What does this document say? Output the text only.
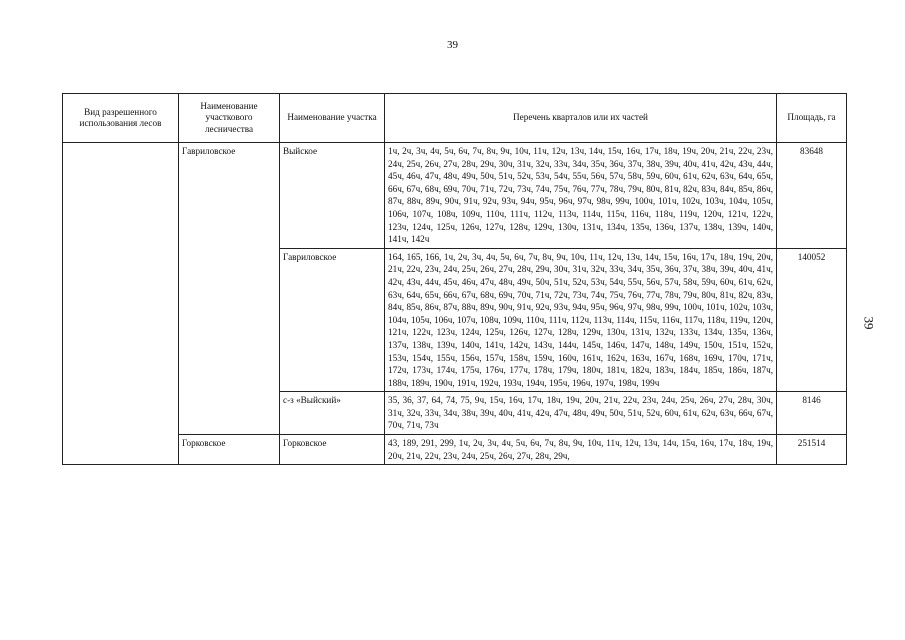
39
39
Вид разрешенного использования лесов	Наименование участкового лесничества	Наименование участка	Перечень кварталов или их частей	Площадь, га
	Гавриловское	Выйское	1ч, 2ч, 3ч, 4ч, 5ч, 6ч, 7ч, 8ч, 9ч, 10ч, 11ч, 12ч, 13ч, 14ч, 15ч, 16ч, 17ч, 18ч, 19ч, 20ч, 21ч, 22ч, 23ч, 24ч, 25ч, 26ч, 27ч, 28ч, 29ч, 30ч, 31ч, 32ч, 33ч, 34ч, 35ч, 36ч, 37ч, 38ч, 39ч, 40ч, 41ч, 42ч, 43ч, 44ч, 45ч, 46ч, 47ч, 48ч, 49ч, 50ч, 51ч, 52ч, 53ч, 54ч, 55ч, 56ч, 57ч, 58ч, 59ч, 60ч, 61ч, 62ч, 63ч, 64ч, 65ч, 66ч, 67ч, 68ч, 69ч, 70ч, 71ч, 72ч, 73ч, 74ч, 75ч, 76ч, 77ч, 78ч, 79ч, 80ч, 81ч, 82ч, 83ч, 84ч, 85ч, 86ч, 87ч, 88ч, 89ч, 90ч, 91ч, 92ч, 93ч, 94ч, 95ч, 96ч, 97ч, 98ч, 99ч, 100ч, 101ч, 102ч, 103ч, 104ч, 105ч, 106ч, 107ч, 108ч, 109ч, 110ч, 111ч, 112ч, 113ч, 114ч, 115ч, 116ч, 118ч, 119ч, 120ч, 121ч, 122ч, 123ч, 124ч, 125ч, 126ч, 127ч, 128ч, 129ч, 130ч, 131ч, 134ч, 135ч, 136ч, 137ч, 138ч, 139ч, 140ч, 141ч, 142ч	83648
		Гавриловское	164, 165, 166, 1ч, 2ч, 3ч, 4ч, 5ч, 6ч, 7ч, 8ч, 9ч, 10ч, 11ч, 12ч, 13ч, 14ч, 15ч, 16ч, 17ч, 18ч, 19ч, 20ч, 21ч, 22ч, 23ч, 24ч, 25ч, 26ч, 27ч, 28ч, 29ч, 30ч, 31ч, 32ч, 33ч, 34ч, 35ч, 36ч, 37ч, 38ч, 39ч, 40ч, 41ч, 42ч, 43ч, 44ч, 45ч, 46ч, 47ч, 48ч, 49ч, 50ч, 51ч, 52ч, 53ч, 54ч, 55ч, 56ч, 57ч, 58ч, 59ч, 60ч, 61ч, 62ч, 63ч, 64ч, 65ч, 66ч, 67ч, 68ч, 69ч, 70ч, 71ч, 72ч, 73ч, 74ч, 75ч, 76ч, 77ч, 78ч, 79ч, 80ч, 81ч, 82ч, 83ч, 84ч, 85ч, 86ч, 87ч, 88ч, 89ч, 90ч, 91ч, 92ч, 93ч, 94ч, 95ч, 96ч, 97ч, 98ч, 99ч, 100ч, 101ч, 102ч, 103ч, 104ч, 105ч, 106ч, 107ч, 108ч, 109ч, 110ч, 111ч, 112ч, 113ч, 114ч, 115ч, 116ч, 117ч, 118ч, 119ч, 120ч, 121ч, 122ч, 123ч, 124ч, 125ч, 126ч, 127ч, 128ч, 129ч, 130ч, 131ч, 132ч, 133ч, 134ч, 135ч, 136ч, 137ч, 138ч, 139ч, 140ч, 141ч, 142ч, 143ч, 144ч, 145ч, 146ч, 147ч, 148ч, 149ч, 150ч, 151ч, 152ч, 153ч, 154ч, 155ч, 156ч, 157ч, 158ч, 159ч, 160ч, 161ч, 162ч, 163ч, 167ч, 168ч, 169ч, 170ч, 171ч, 172ч, 173ч, 174ч, 175ч, 176ч, 177ч, 178ч, 179ч, 180ч, 181ч, 182ч, 183ч, 184ч, 185ч, 186ч, 187ч, 188ч, 189ч, 190ч, 191ч, 192ч, 193ч, 194ч, 195ч, 196ч, 197ч, 198ч, 199ч	140052
		с-з «Выйский»	35, 36, 37, 64, 74, 75, 9ч, 15ч, 16ч, 17ч, 18ч, 19ч, 20ч, 21ч, 22ч, 23ч, 24ч, 25ч, 26ч, 27ч, 28ч, 30ч, 31ч, 32ч, 33ч, 34ч, 38ч, 39ч, 40ч, 41ч, 42ч, 47ч, 48ч, 49ч, 50ч, 51ч, 52ч, 60ч, 61ч, 62ч, 63ч, 66ч, 67ч, 70ч, 71ч, 73ч	8146
	Горковское	Горковское	43, 189, 291, 299, 1ч, 2ч, 3ч, 4ч, 5ч, 6ч, 7ч, 8ч, 9ч, 10ч, 11ч, 12ч, 13ч, 14ч, 15ч, 16ч, 17ч, 18ч, 19ч, 20ч, 21ч, 22ч, 23ч, 24ч, 25ч, 26ч, 27ч, 28ч, 29ч,	251514
